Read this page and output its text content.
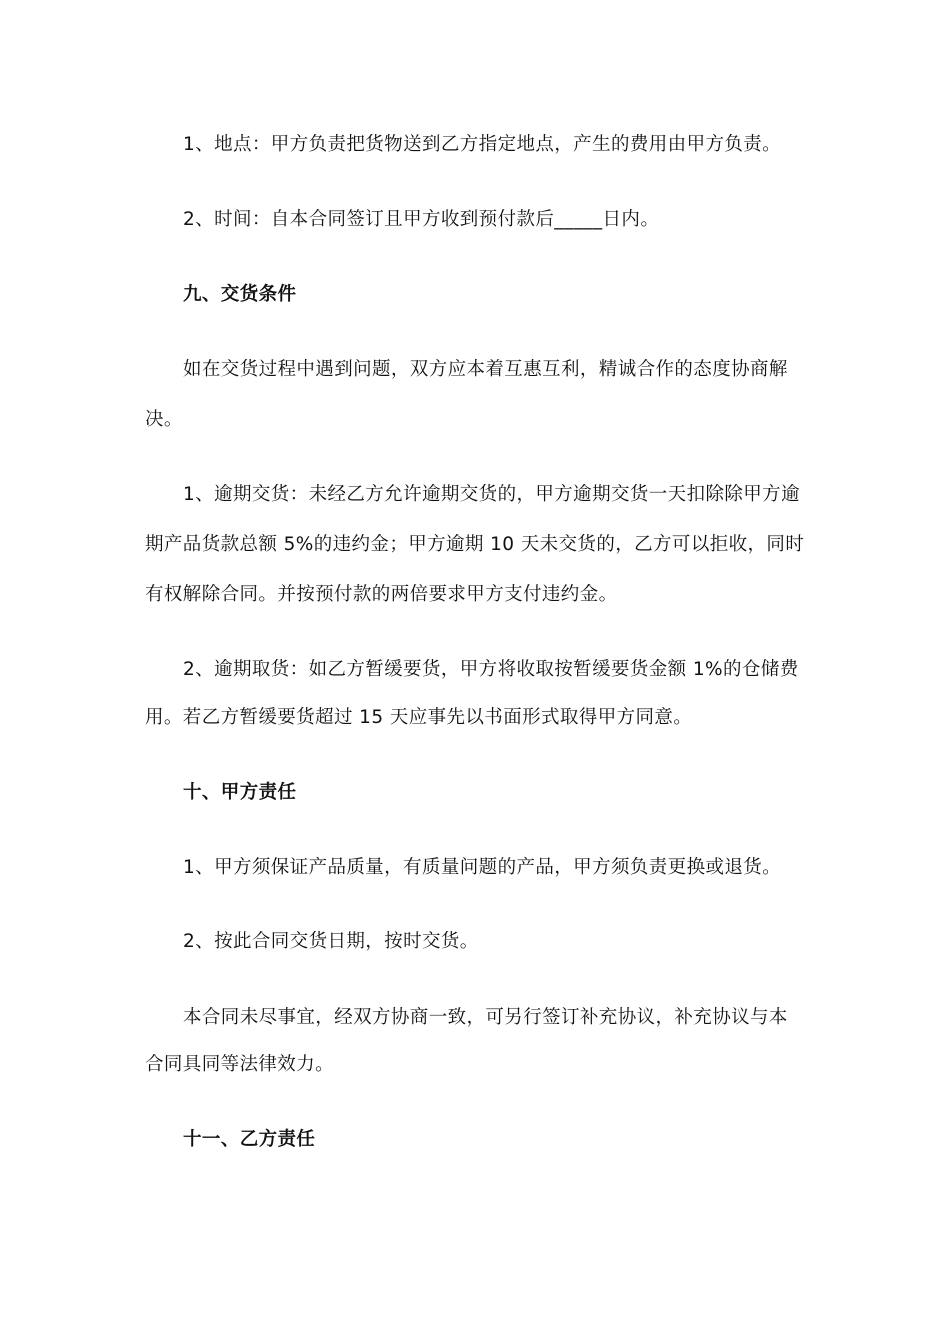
1、地点：甲方负责把货物送到乙方指定地点，产生的费用由甲方负责。
2、时间：自本合同签订且甲方收到预付款后_____日内。
九、交货条件
如在交货过程中遇到问题，双方应本着互惠互利，精诚合作的态度协商解
决。
1、逾期交货：未经乙方允许逾期交货的，甲方逾期交货一天扣除除甲方逾
期产品货款总额 5%的违约金；甲方逾期 10 天未交货的，乙方可以拒收，同时
有权解除合同。并按预付款的两倍要求甲方支付违约金。
2、逾期取货：如乙方暂缓要货，甲方将收取按暂缓要货金额 1%的仓储费
用。若乙方暂缓要货超过 15 天应事先以书面形式取得甲方同意。
十、甲方责任
1、甲方须保证产品质量，有质量问题的产品，甲方须负责更换或退货。
2、按此合同交货日期，按时交货。
本合同未尽事宜，经双方协商一致，可另行签订补充协议，补充协议与本
合同具同等法律效力。
十一、乙方责任
